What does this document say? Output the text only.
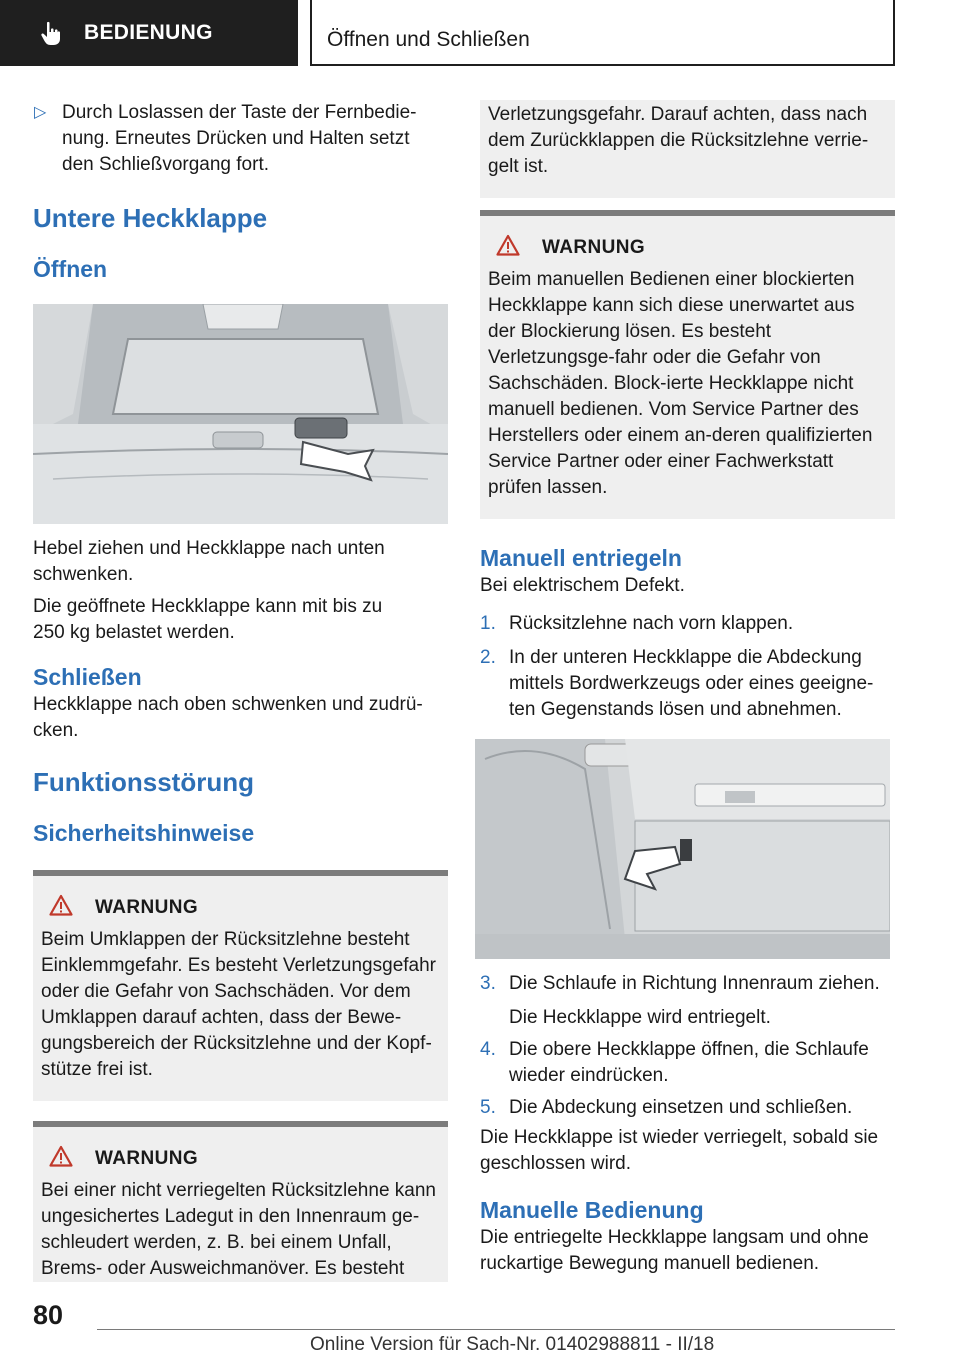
BEDIENUNG	Öffnen und Schließen
▷ Durch Loslassen der Taste der Fernbedie-nung. Erneutes Drücken und Halten setzt den Schließvorgang fort.

Untere Heckklappe
Öffnen

Hebel ziehen und Heckklappe nach unten schwenken.

Die geöffnete Heckklappe kann mit bis zu 250 kg belastet werden.

Schließen

Heckklappe nach oben schwenken und zudrü-cken.

Funktionsstörung
Sicherheitshinweise
WARNUNG

Beim Umklappen der Rücksitzlehne besteht Einklemmgefahr. Es besteht Verletzungsgefahr oder die Gefahr von Sachschäden. Vor dem Umklappen darauf achten, dass der Bewe-gungsbereich der Rücksitzlehne und der Kopf-stütze frei ist.

WARNUNG

Bei einer nicht verriegelten Rücksitzlehne kann ungesichertes Ladegut in den Innenraum ge-schleudert werden, z. B. bei einem Unfall, Brems- oder Ausweichmanöver. Es besteht

Verletzungsgefahr. Darauf achten, dass nach dem Zurückklappen die Rücksitzlehne verrie-gelt ist.

WARNUNG

Beim manuellen Bedienen einer blockierten Heckklappe kann sich diese unerwartet aus der Blockierung lösen. Es besteht Verletzungsge-fahr oder die Gefahr von Sachschäden. Block-ierte Heckklappe nicht manuell bedienen. Vom Service Partner des Herstellers oder einem an-deren qualifizierten Service Partner oder einer Fachwerkstatt prüfen lassen.

Manuell entriegeln

Bei elektrischem Defekt.

1. Rücksitzlehne nach vorn klappen.

2. In der unteren Heckklappe die Abdeckung mittels Bordwerkzeugs oder eines geeigne-ten Gegenstands lösen und abnehmen.

3. Die Schlaufe in Richtung Innenraum ziehen.

Die Heckklappe wird entriegelt.

4. Die obere Heckklappe öffnen, die Schlaufe wieder eindrücken.

5. Die Abdeckung einsetzen und schließen.

Die Heckklappe ist wieder verriegelt, sobald sie geschlossen wird.

Manuelle Bedienung

Die entriegelte Heckklappe langsam und ohne ruckartige Bewegung manuell bedienen.

80
Online Version für Sach-Nr. 01402988811 - II/18
